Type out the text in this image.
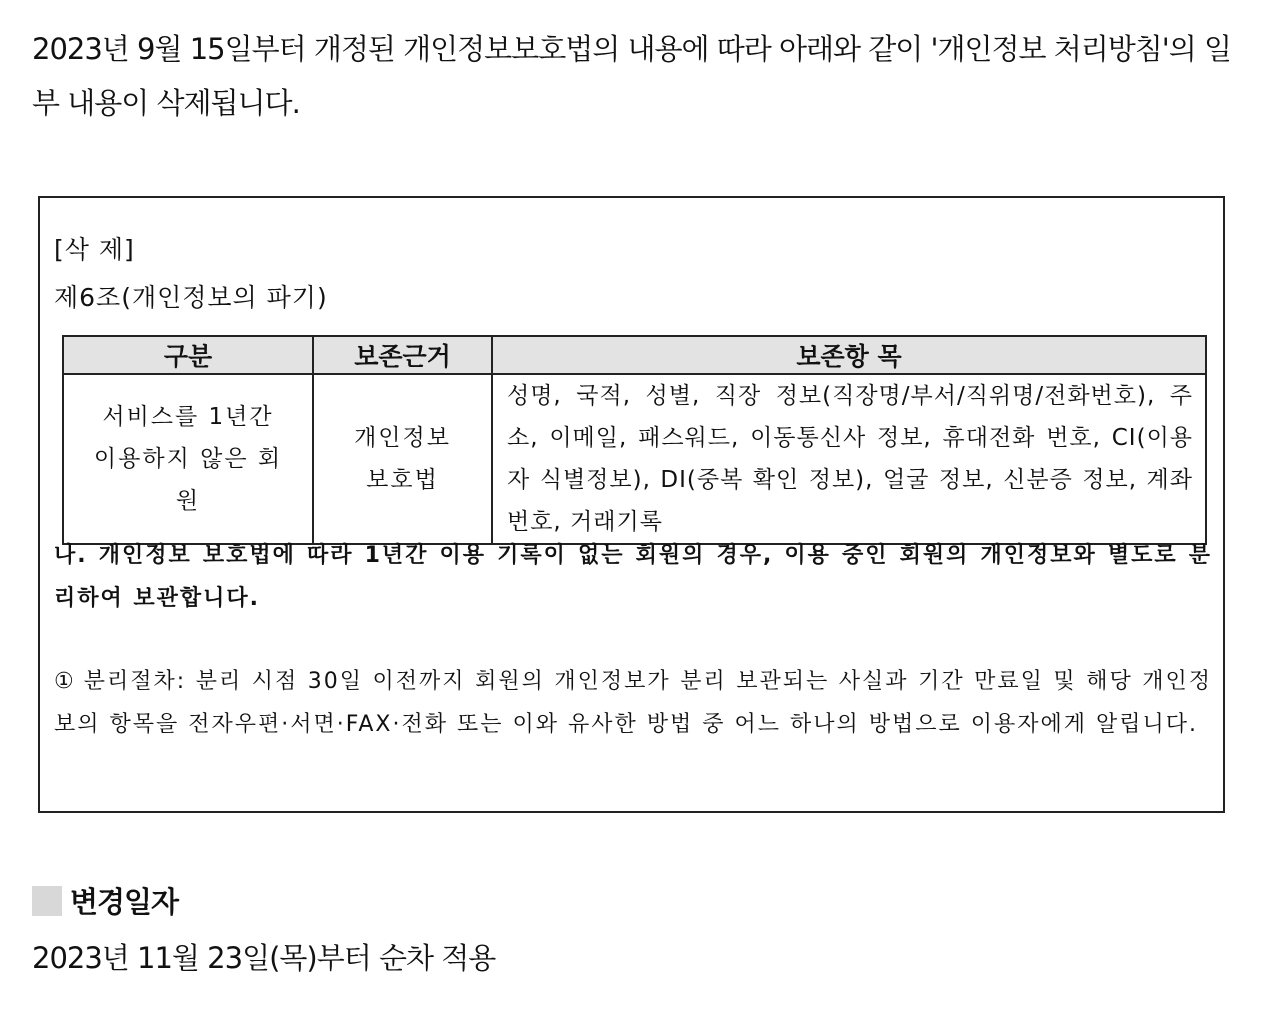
2023년 9월 15일부터 개정된 개인정보보호법의 내용에 따라 아래와 같이 '개인정보 처리방침'의 일부 내용이 삭제됩니다.
[삭 제]
제6조(개인정보의 파기)
구분	보존근거	보존항 목

서비스를 1년간 이용하지 않은 회원	개인정보 보호법	성명, 국적, 성별, 직장 정보(직장명/부서/직위명/전화번호), 주소, 이메일, 패스워드, 이동통신사 정보, 휴대전화 번호, CI(이용자 식별정보), DI(중복 확인 정보), 얼굴 정보, 신분증 정보, 계좌번호, 거래기록
나. 개인정보 보호법에 따라 1년간 이용 기록이 없는 회원의 경우, 이용 중인 회원의 개인정보와 별도로 분리하여 보관합니다.
① 분리절차: 분리 시점 30일 이전까지 회원의 개인정보가 분리 보관되는 사실과 기간 만료일 및 해당 개인정보의 항목을 전자우편·서면·FAX·전화 또는 이와 유사한 방법 중 어느 하나의 방법으로 이용자에게 알립니다.
변경일자
2023년 11월 23일(목)부터 순차 적용
